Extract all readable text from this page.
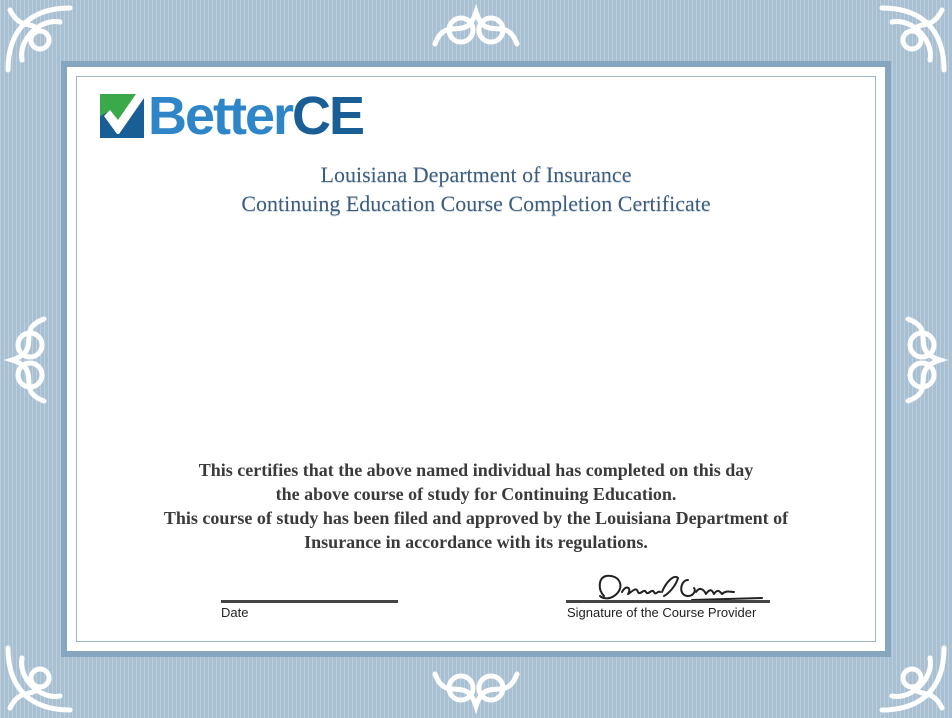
BetterCE
Louisiana Department of Insurance
Continuing Education Course Completion Certificate
This certifies that the above named individual has completed on this day
the above course of study for Continuing Education.
This course of study has been filed and approved by the Louisiana Department of
Insurance in accordance with its regulations.
Date	Signature of the Course Provider
